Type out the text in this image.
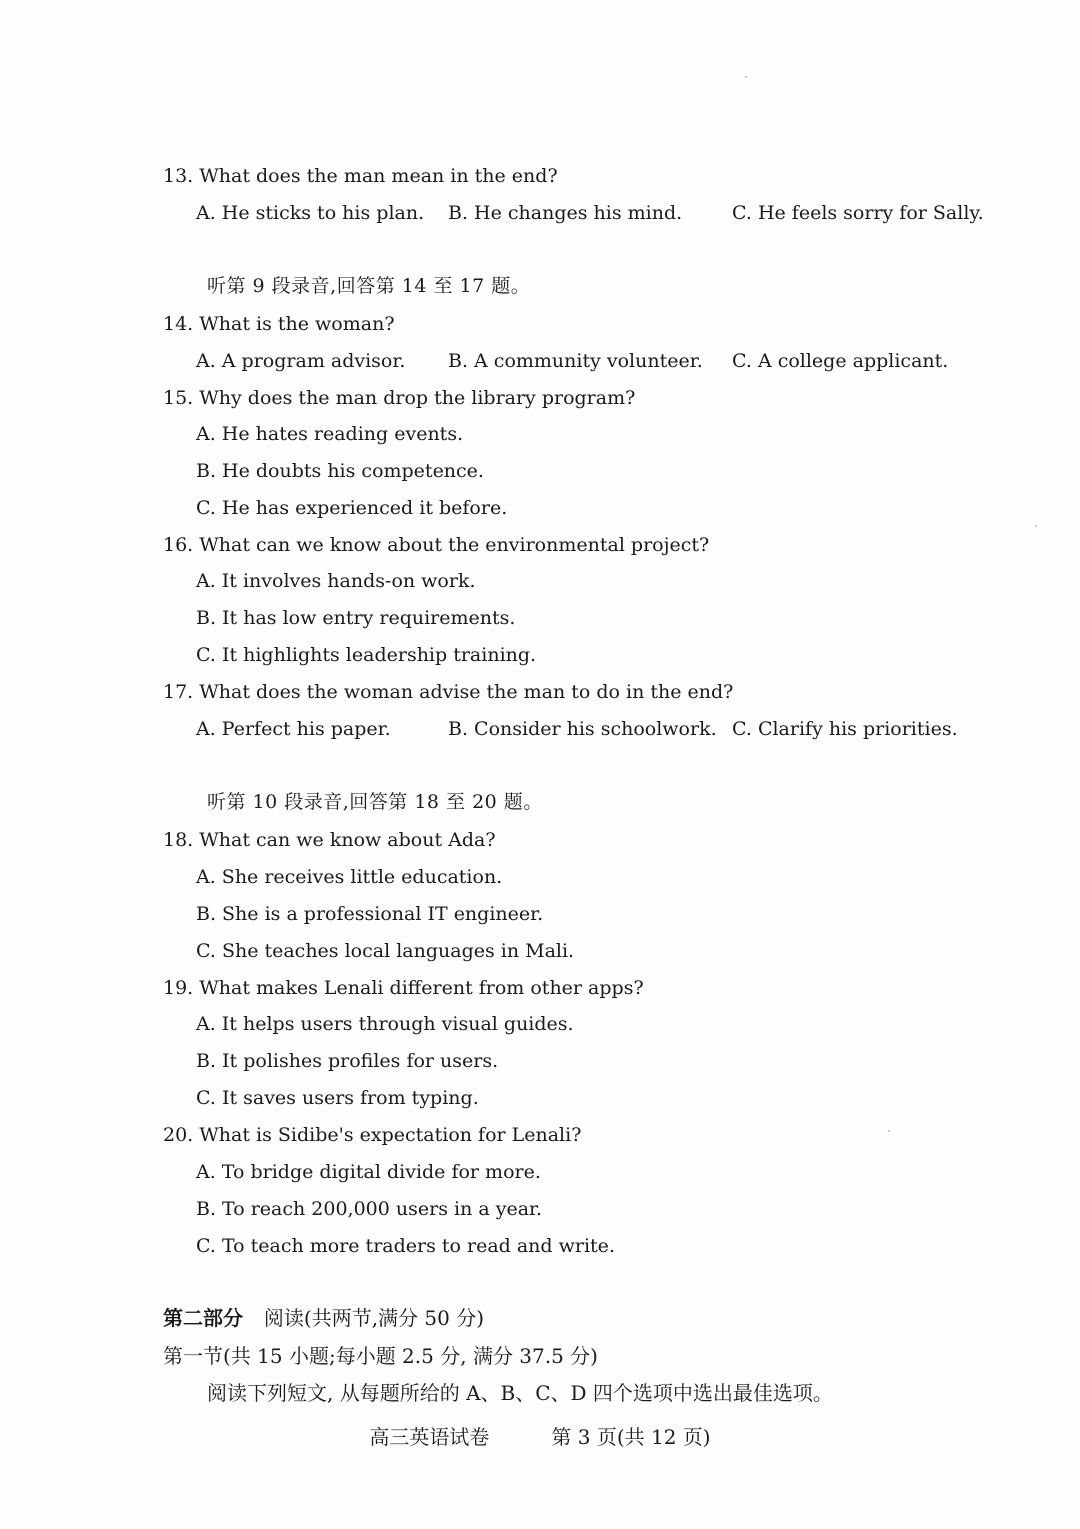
13. What does the man mean in the end?
A. He sticks to his plan. B. He changes his mind.	C. He feels sorry for Sally.
听第 9 段录音,回答第 14 至 17 题。
14. What is the woman?
A. A program advisor. B. A community volunteer. C. A college applicant.
15. Why does the man drop the library program?
A. He hates reading events.
B. He doubts his competence.
C. He has experienced it before.
16. What can we know about the environmental project?
A. It involves hands-on work.
B. It has low entry requirements.
C. It highlights leadership training.
17. What does the woman advise the man to do in the end?
A. Perfect his paper.	B. Consider his schoolwork. C. Clarify his priorities.
听第 10 段录音,回答第 18 至 20 题。
18. What can we know about Ada?
A. She receives little education.
B. She is a professional IT engineer.
C. She teaches local languages in Mali.
19. What makes Lenali different from other apps?
A. It helps users through visual guides.
B. It polishes profiles for users.
C. It saves users from typing.
20. What is Sidibe's expectation for Lenali?
A. To bridge digital divide for more.
B. To reach 200,000 users in a year.
C. To teach more traders to read and write.
第二部分 阅读(共两节,满分 50 分)
第一节(共 15 小题;每小题 2.5 分, 满分 37.5 分)
阅读下列短文, 从每题所给的 A、B、C、D 四个选项中选出最佳选项。
高三英语试卷	第 3 页(共 12 页)
